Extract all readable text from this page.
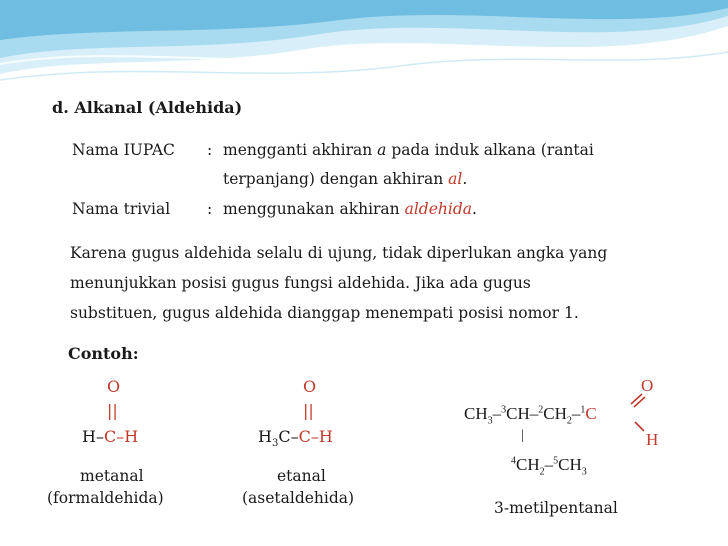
d. Alkanal (Aldehida)
Nama IUPAC : mengganti akhiran a pada induk alkana (rantai
terpanjang) dengan akhiran al.
Nama trivial : menggunakan akhiran aldehida.
Karena gugus aldehida selalu di ujung, tidak diperlukan angka yang
menunjukkan posisi gugus fungsi aldehida. Jika ada gugus
substituen, gugus aldehida dianggap menempati posisi nomor 1.
Contoh:
O
||
H–C–H
metanal
(formaldehida)
O
||
$H_3C-C-H$
etanal
(asetaldehida)
$CH_3-^3CH-^2CH_2-^1C$
O
H
|
$^4CH_2-^5CH_3$
3-metilpentanal
